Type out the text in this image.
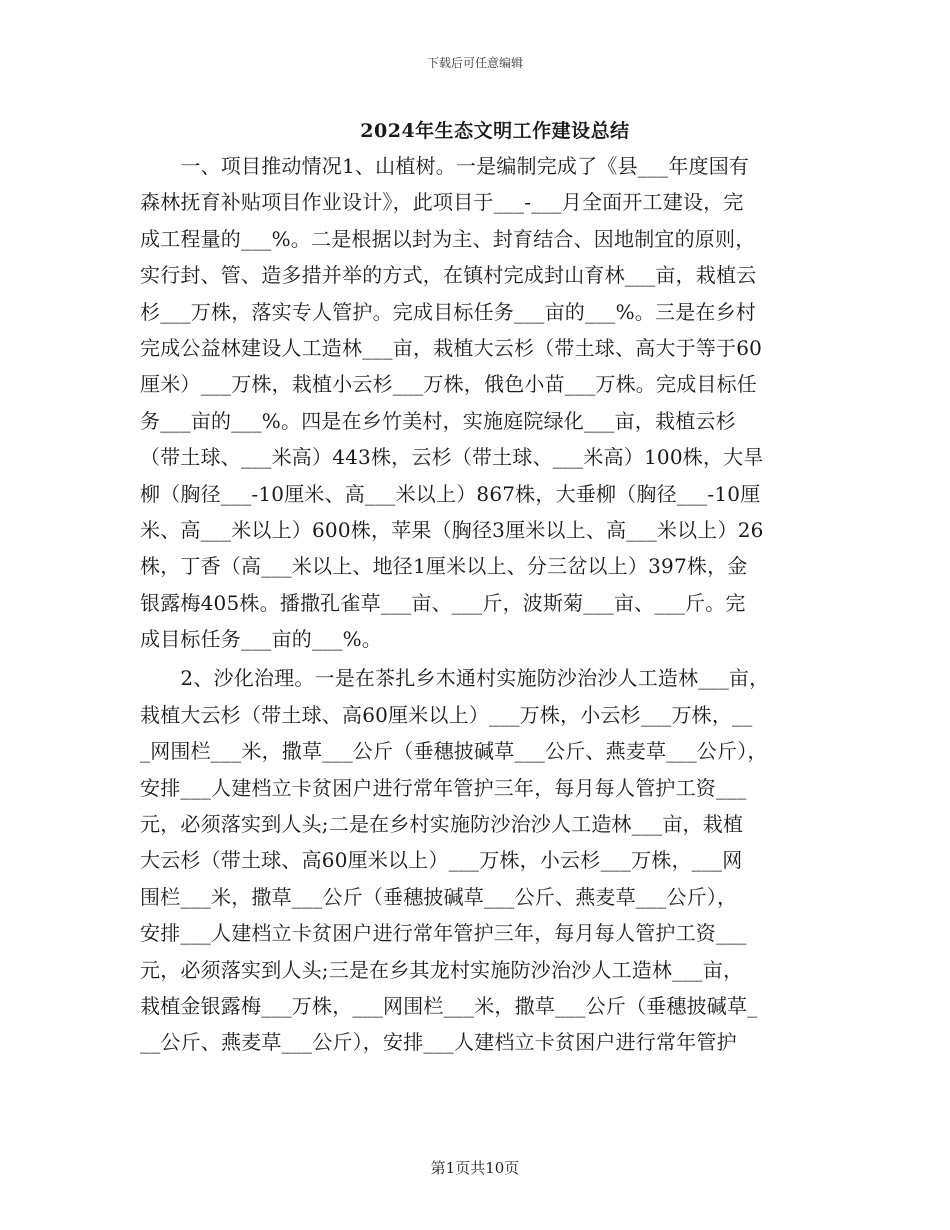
下载后可任意编辑
2024年生态文明工作建设总结
　　一、项目推动情况1、山植树。一是编制完成了《县___年度国有
森林抚育补贴项目作业设计》，此项目于___-___月全面开工建设，完
成工程量的___%。二是根据以封为主、封育结合、因地制宜的原则，
实行封、管、造多措并举的方式，在镇村完成封山育林___亩，栽植云
杉___万株，落实专人管护。完成目标任务___亩的___%。三是在乡村
完成公益林建设人工造林___亩，栽植大云杉（带土球、高大于等于60
厘米）___万株，栽植小云杉___万株，俄色小苗___万株。完成目标任
务___亩的___%。四是在乡竹美村，实施庭院绿化___亩，栽植云杉
（带土球、___米高）443株，云杉（带土球、___米高）100株，大旱
柳（胸径___-10厘米、高___米以上）867株，大垂柳（胸径___-10厘
米、高___米以上）600株，苹果（胸径3厘米以上、高___米以上）26
株，丁香（高___米以上、地径1厘米以上、分三岔以上）397株，金
银露梅405株。播撒孔雀草___亩、___斤，波斯菊___亩、___斤。完
成目标任务___亩的___%。
　　2、沙化治理。一是在茶扎乡木通村实施防沙治沙人工造林___亩，
栽植大云杉（带土球、高60厘米以上）___万株，小云杉___万株，__
_网围栏___米，撒草___公斤（垂穗披碱草___公斤、燕麦草___公斤），
安排___人建档立卡贫困户进行常年管护三年，每月每人管护工资___
元，必须落实到人头;二是在乡村实施防沙治沙人工造林___亩，栽植
大云杉（带土球、高60厘米以上）___万株，小云杉___万株，___网
围栏___米，撒草___公斤（垂穗披碱草___公斤、燕麦草___公斤），
安排___人建档立卡贫困户进行常年管护三年，每月每人管护工资___
元，必须落实到人头;三是在乡其龙村实施防沙治沙人工造林___亩，
栽植金银露梅___万株，___网围栏___米，撒草___公斤（垂穗披碱草_
__公斤、燕麦草___公斤），安排___人建档立卡贫困户进行常年管护
第1页共10页
